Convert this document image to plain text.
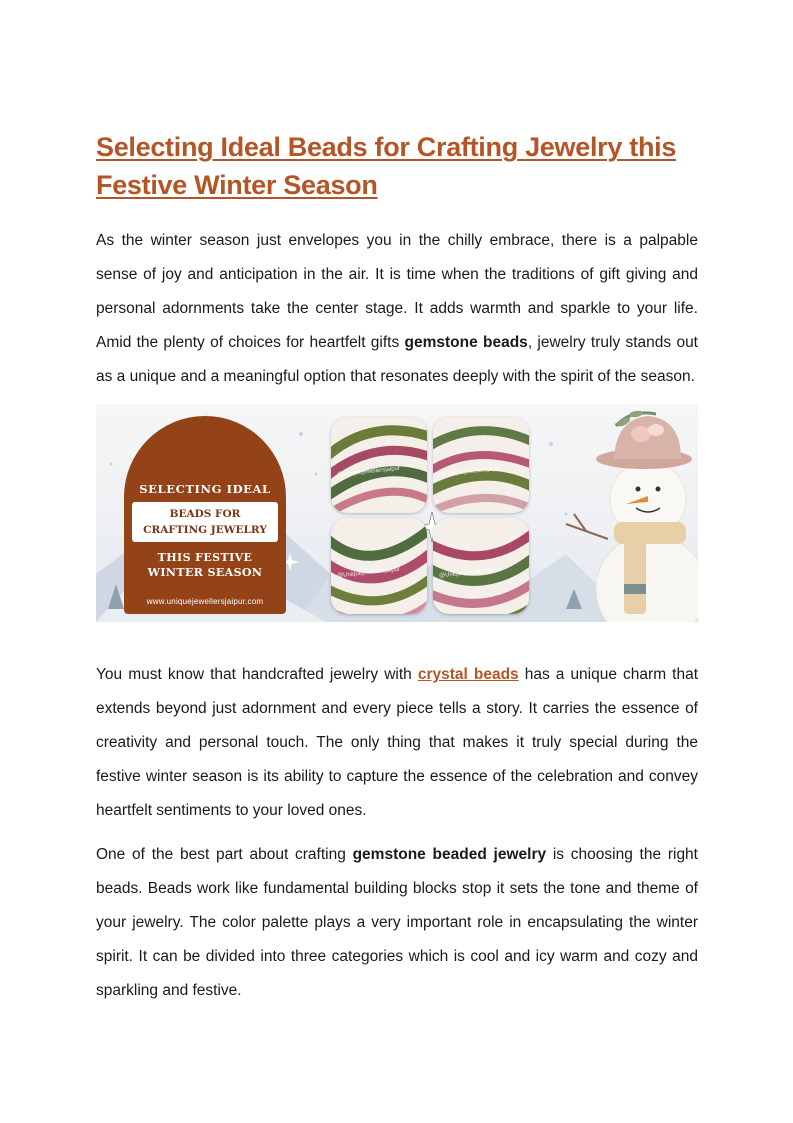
Selecting Ideal Beads for Crafting Jewelry this Festive Winter Season

As the winter season just envelopes you in the chilly embrace, there is a palpable sense of joy and anticipation in the air. It is time when the traditions of gift giving and personal adornments take the center stage. It adds warmth and sparkle to your life. Amid the plenty of choices for heartfelt gifts gemstone beads, jewelry truly stands out as a unique and a meaningful option that resonates deeply with the spirit of the season.

SELECTING IDEAL
BEADS FOR
CRAFTING JEWELRY
THIS FESTIVE
WINTER SEASON
www.uniquejewellersjaipur.com
@Uniquejewellersjaipur	@Uniquejewellersjaipur
@Uniquejewellersjaipur	@Uniquejewellersjaipur

You must know that handcrafted jewelry with crystal beads has a unique charm that extends beyond just adornment and every piece tells a story. It carries the essence of creativity and personal touch. The only thing that makes it truly special during the festive winter season is its ability to capture the essence of the celebration and convey heartfelt sentiments to your loved ones.

One of the best part about crafting gemstone beaded jewelry is choosing the right beads. Beads work like fundamental building blocks stop it sets the tone and theme of your jewelry. The color palette plays a very important role in encapsulating the winter spirit. It can be divided into three categories which is cool and icy warm and cozy and sparkling and festive.
